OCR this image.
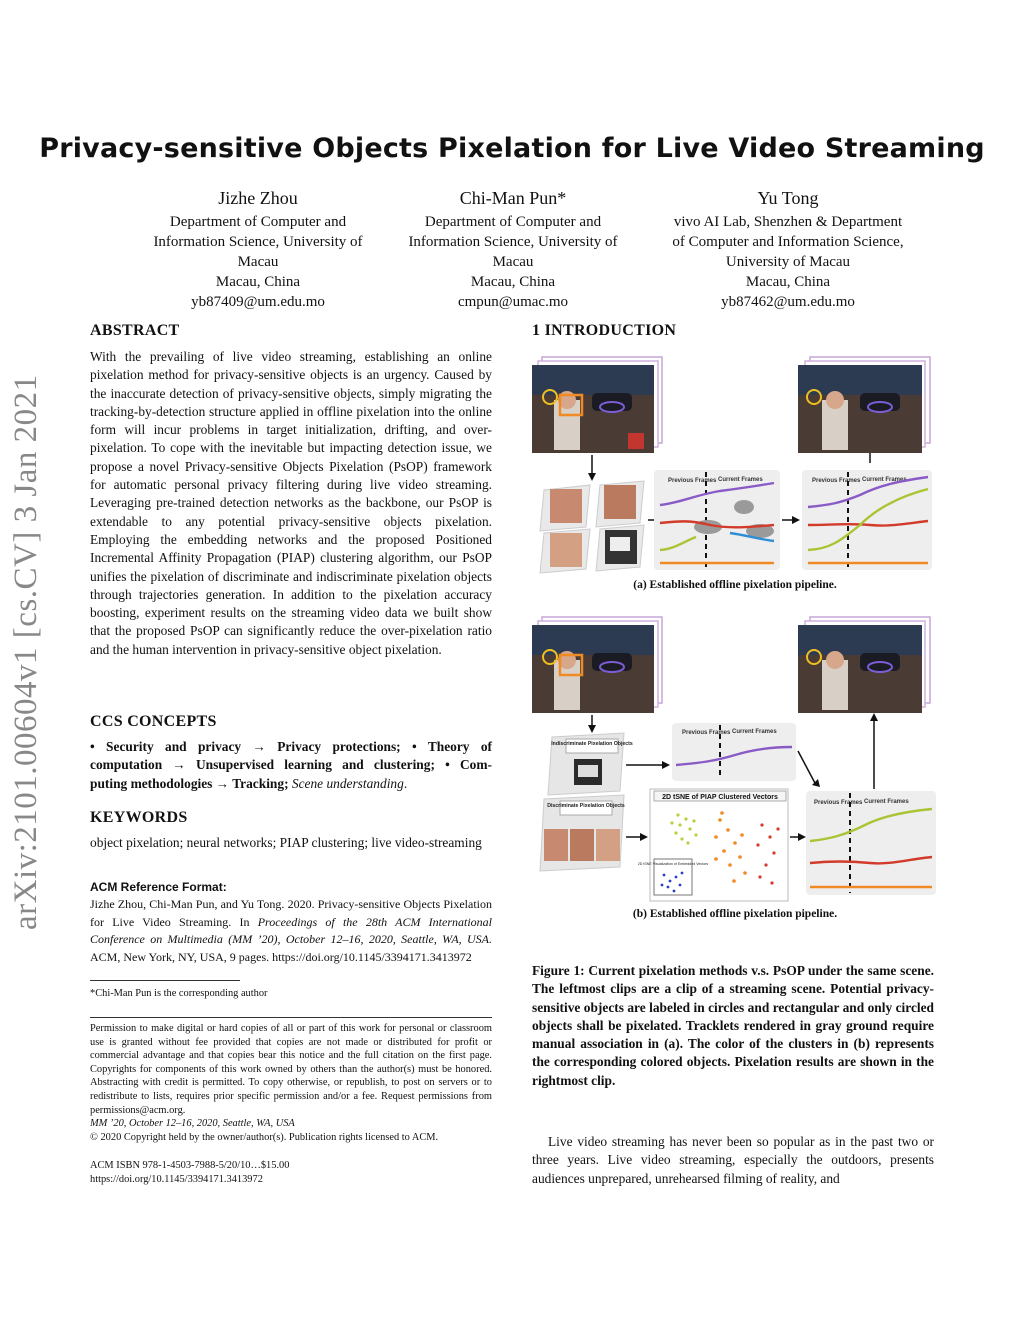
arXiv:2101.00604v1 [cs.CV] 3 Jan 2021
Privacy-sensitive Objects Pixelation for Live Video Streaming
Jizhe Zhou
Department of Computer and
Information Science, University of
Macau
Macau, China
yb87409@um.edu.mo
Chi-Man Pun*
Department of Computer and
Information Science, University of
Macau
Macau, China
cmpun@umac.mo
Yu Tong
vivo AI Lab, Shenzhen & Department
of Computer and Information Science,
University of Macau
Macau, China
yb87462@um.edu.mo
ABSTRACT
With the prevailing of live video streaming, establishing an online pixelation method for privacy-sensitive objects is an urgency. Caused by the inaccurate detection of privacy-sensitive objects, simply migrating the tracking-by-detection structure applied in offline pixelation into the online form will incur problems in target initialization, drifting, and over-pixelation. To cope with the inevitable but impacting detection issue, we propose a novel Privacy-sensitive Objects Pixelation (PsOP) framework for automatic personal privacy filtering during live video streaming. Leveraging pre-trained detection networks as the backbone, our PsOP is extendable to any potential privacy-sensitive objects pixelation. Employing the embedding networks and the proposed Positioned Incremental Affinity Propagation (PIAP) clustering algorithm, our PsOP unifies the pixelation of discriminate and indiscriminate pixelation objects through trajectories generation. In addition to the pixelation accuracy boosting, experiment results on the streaming video data we built show that the proposed PsOP can significantly reduce the over-pixelation ratio and the human intervention in privacy-sensitive object pixelation.
CCS CONCEPTS
• Security and privacy → Privacy protections; • Theory of
computation → Unsupervised learning and clustering; • Com-
puting methodologies → Tracking; Scene understanding.
KEYWORDS
object pixelation; neural networks; PIAP clustering; live video-streaming
ACM Reference Format:
Jizhe Zhou, Chi-Man Pun, and Yu Tong. 2020. Privacy-sensitive Objects Pixelation for Live Video Streaming. In Proceedings of the 28th ACM International Conference on Multimedia (MM ’20), October 12–16, 2020, Seattle, WA, USA. ACM, New York, NY, USA, 9 pages. https://doi.org/10.1145/3394171.3413972
*Chi-Man Pun is the corresponding author
Permission to make digital or hard copies of all or part of this work for personal or classroom use is granted without fee provided that copies are not made or distributed for profit or commercial advantage and that copies bear this notice and the full citation on the first page. Copyrights for components of this work owned by others than the author(s) must be honored. Abstracting with credit is permitted. To copy otherwise, or republish, to post on servers or to redistribute to lists, requires prior specific permission and/or a fee. Request permissions from permissions@acm.org.
MM ’20, October 12–16, 2020, Seattle, WA, USA
© 2020 Copyright held by the owner/author(s). Publication rights licensed to ACM.
ACM ISBN 978-1-4503-7988-5/20/10…$15.00
https://doi.org/10.1145/3394171.3413972
1 INTRODUCTION
Previous Frames Current Frames	Previous Frames Current Frames
(a) Established offline pixelation pipeline.
Indiscriminate Pixelation Objects
Discriminate Pixelation Objects
Previous Frames Current Frames
2D tSNE of PIAP Clustered Vectors
2D tSNE Visualization of Embedded Vectors
Previous Frames Current Frames
(b) Established offline pixelation pipeline.
Figure 1: Current pixelation methods v.s. PsOP under the same scene. The leftmost clips are a clip of a streaming scene. Potential privacy-sensitive objects are labeled in circles and rectangular and only circled objects shall be pixelated. Tracklets rendered in gray ground require manual association in (a). The color of the clusters in (b) represents the corresponding colored objects. Pixelation results are shown in the rightmost clip.
Live video streaming has never been so popular as in the past two or three years. Live video streaming, especially the outdoors, presents audiences unprepared, unrehearsed filming of reality, and
